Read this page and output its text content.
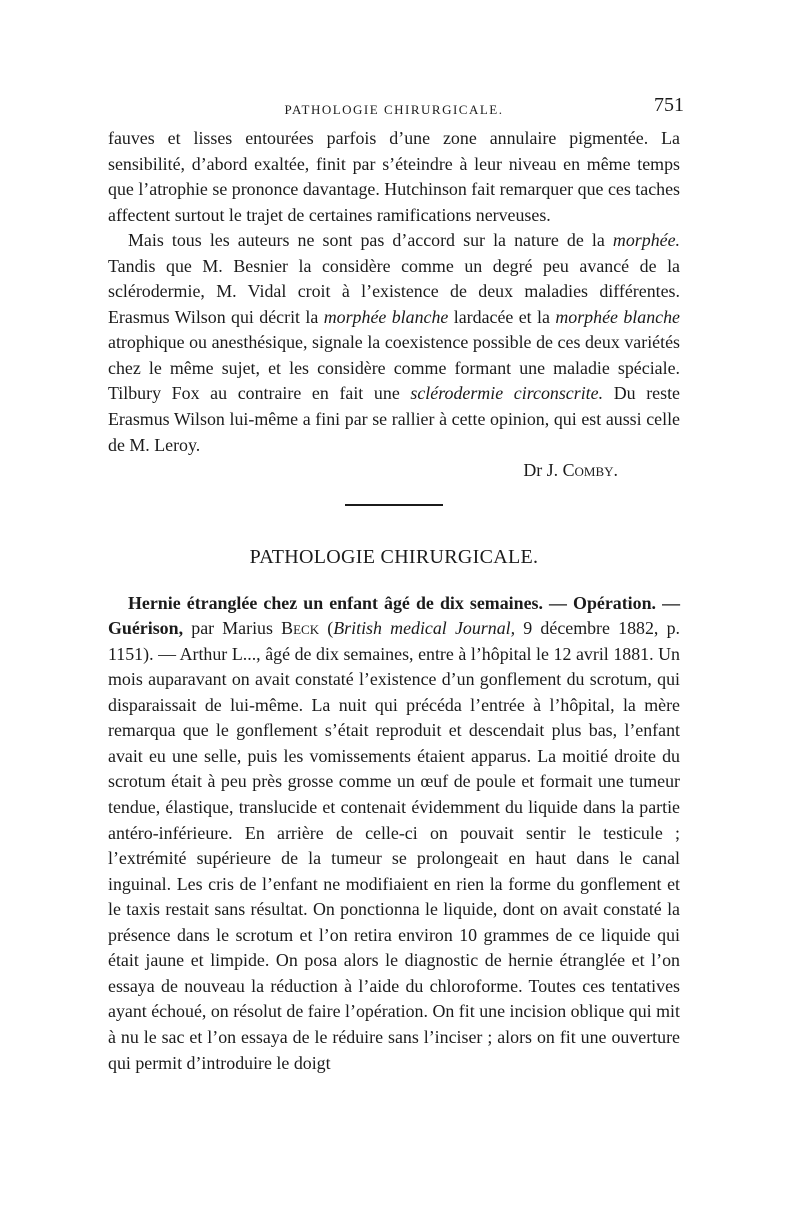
PATHOLOGIE CHIRURGICALE.	751

fauves et lisses entourées parfois d’une zone annulaire pigmentée. La sensibilité, d’abord exaltée, finit par s’éteindre à leur niveau en même temps que l’atrophie se prononce davantage. Hutchinson fait remarquer que ces taches affectent surtout le trajet de certaines ramifications nerveuses.

Mais tous les auteurs ne sont pas d’accord sur la nature de la morphée. Tandis que M. Besnier la considère comme un degré peu avancé de la sclérodermie, M. Vidal croit à l’existence de deux maladies différentes. Erasmus Wilson qui décrit la morphée blanche lardacée et la morphée blanche atrophique ou anesthésique, signale la coexistence possible de ces deux variétés chez le même sujet, et les considère comme formant une maladie spéciale. Tilbury Fox au contraire en fait une sclérodermie circonscrite. Du reste Erasmus Wilson lui-même a fini par se rallier à cette opinion, qui est aussi celle de M. Leroy.

Dr J. Comby.
PATHOLOGIE CHIRURGICALE.

Hernie étranglée chez un enfant âgé de dix semaines. — Opération. — Guérison, par Marius Beck (British medical Journal, 9 décembre 1882, p. 1151). — Arthur L..., âgé de dix semaines, entre à l’hôpital le 12 avril 1881. Un mois auparavant on avait constaté l’existence d’un gonflement du scrotum, qui disparaissait de lui-même. La nuit qui précéda l’entrée à l’hôpital, la mère remarqua que le gonflement s’était reproduit et descendait plus bas, l’enfant avait eu une selle, puis les vomissements étaient apparus. La moitié droite du scrotum était à peu près grosse comme un œuf de poule et formait une tumeur tendue, élastique, translucide et contenait évidemment du liquide dans la partie antéro-inférieure. En arrière de celle-ci on pouvait sentir le testicule ; l’extrémité supérieure de la tumeur se prolongeait en haut dans le canal inguinal. Les cris de l’enfant ne modifiaient en rien la forme du gonflement et le taxis restait sans résultat. On ponctionna le liquide, dont on avait constaté la présence dans le scrotum et l’on retira environ 10 grammes de ce liquide qui était jaune et limpide. On posa alors le diagnostic de hernie étranglée et l’on essaya de nouveau la réduction à l’aide du chloroforme. Toutes ces tentatives ayant échoué, on résolut de faire l’opération. On fit une incision oblique qui mit à nu le sac et l’on essaya de le réduire sans l’inciser ; alors on fit une ouverture qui permit d’introduire le doigt
